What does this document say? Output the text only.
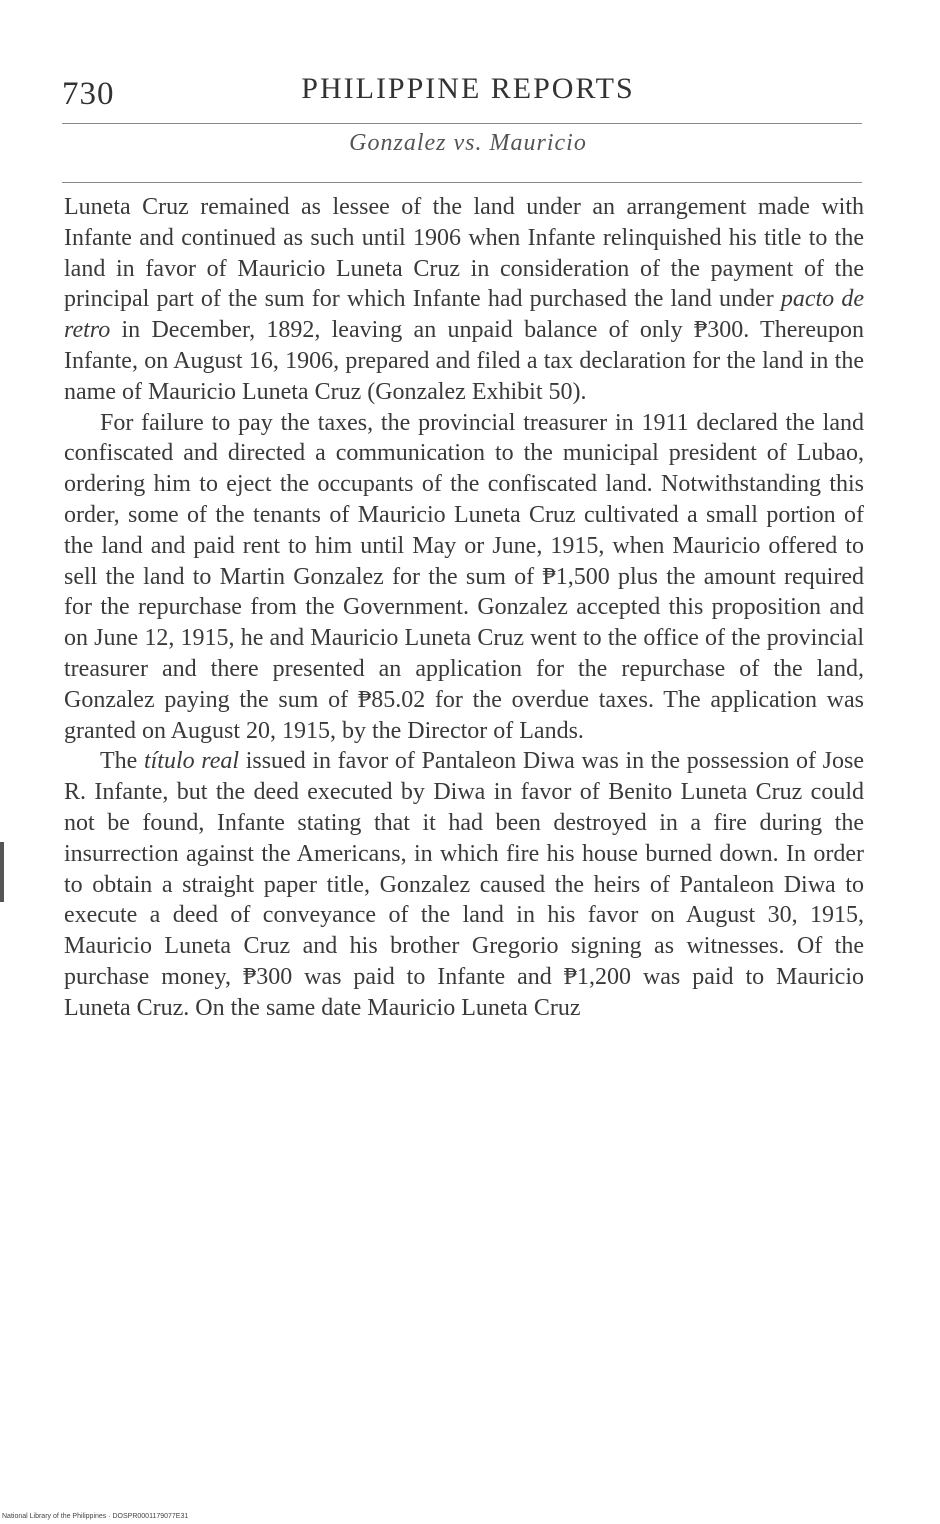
730	PHILIPPINE REPORTS
Gonzalez vs. Mauricio

Luneta Cruz remained as lessee of the land under an arrangement made with Infante and continued as such until 1906 when Infante relinquished his title to the land in favor of Mauricio Luneta Cruz in consideration of the payment of the principal part of the sum for which Infante had purchased the land under pacto de retro in December, 1892, leaving an unpaid balance of only ₱300. Thereupon Infante, on August 16, 1906, prepared and filed a tax declaration for the land in the name of Mauricio Luneta Cruz (Gonzalez Exhibit 50).

For failure to pay the taxes, the provincial treasurer in 1911 declared the land confiscated and directed a communication to the municipal president of Lubao, ordering him to eject the occupants of the confiscated land. Notwithstanding this order, some of the tenants of Mauricio Luneta Cruz cultivated a small portion of the land and paid rent to him until May or June, 1915, when Mauricio offered to sell the land to Martin Gonzalez for the sum of ₱1,500 plus the amount required for the repurchase from the Government. Gonzalez accepted this proposition and on June 12, 1915, he and Mauricio Luneta Cruz went to the office of the provincial treasurer and there presented an application for the repurchase of the land, Gonzalez paying the sum of ₱85.02 for the overdue taxes. The application was granted on August 20, 1915, by the Director of Lands.

The título real issued in favor of Pantaleon Diwa was in the possession of Jose R. Infante, but the deed executed by Diwa in favor of Benito Luneta Cruz could not be found, Infante stating that it had been destroyed in a fire during the insurrection against the Americans, in which fire his house burned down. In order to obtain a straight paper title, Gonzalez caused the heirs of Pantaleon Diwa to execute a deed of conveyance of the land in his favor on August 30, 1915, Mauricio Luneta Cruz and his brother Gregorio signing as witnesses. Of the purchase money, ₱300 was paid to Infante and ₱1,200 was paid to Mauricio Luneta Cruz. On the same date Mauricio Luneta Cruz

National Library of the Philippines · DOSPR0001179077E31
